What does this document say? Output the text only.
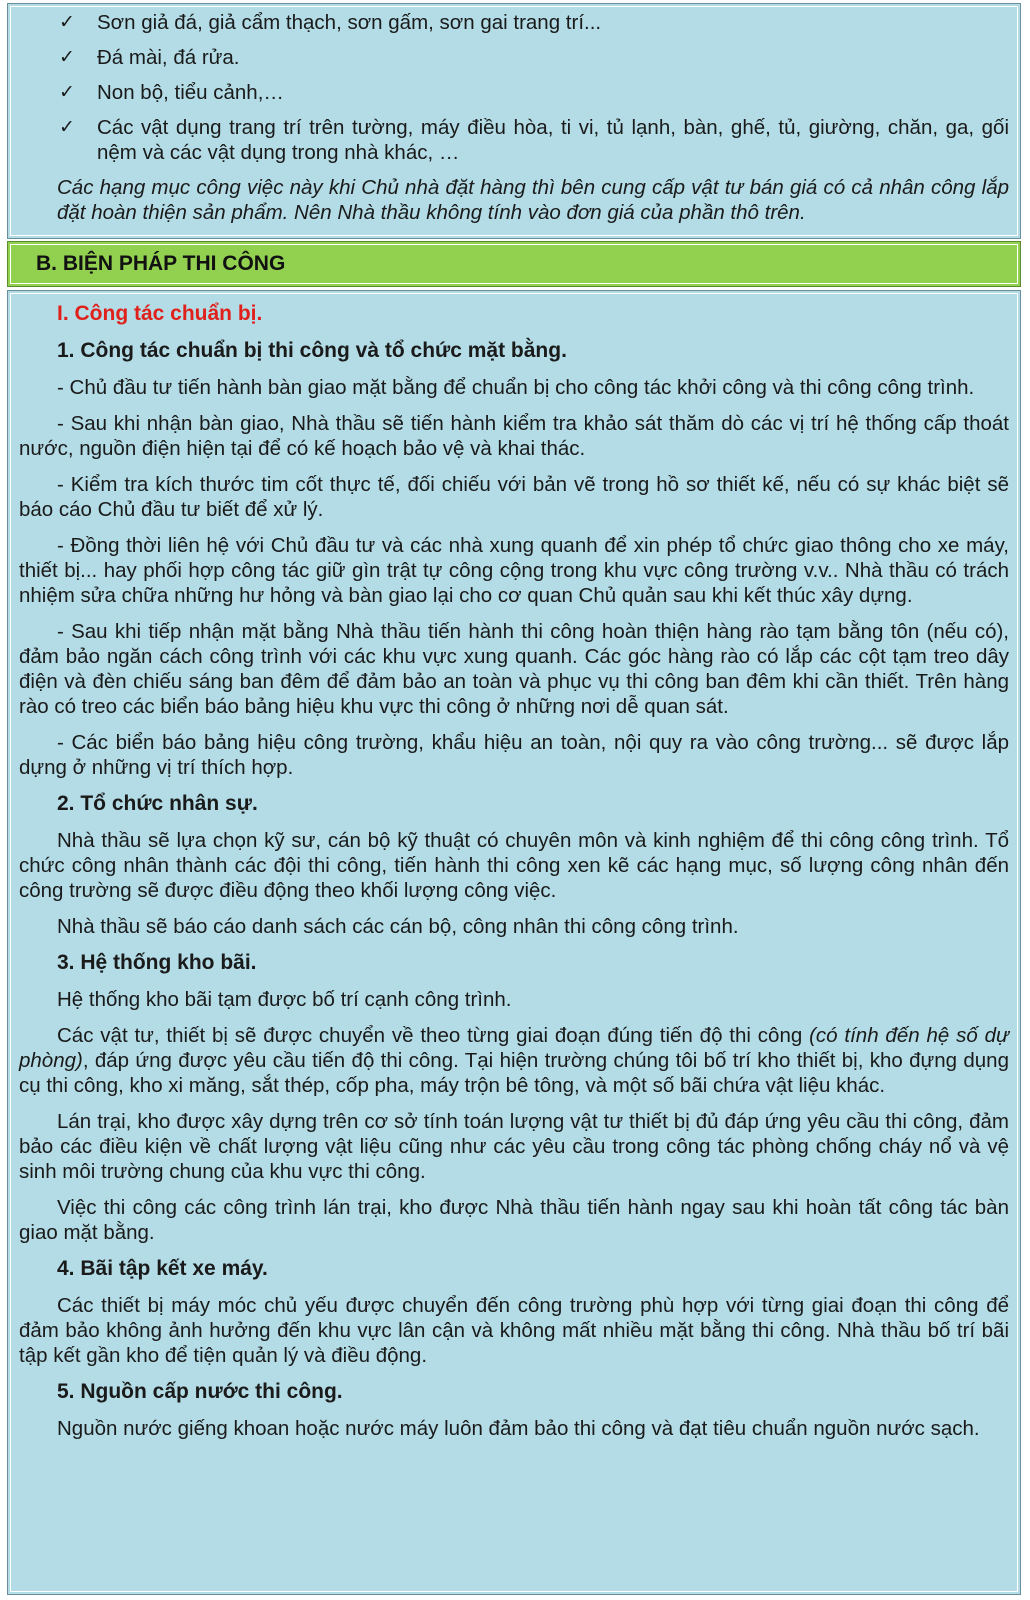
✓ Sơn giả đá, giả cẩm thạch, sơn gấm, sơn gai trang trí...
✓ Đá mài, đá rửa.
✓ Non bộ, tiểu cảnh,…
✓ Các vật dụng trang trí trên tường, máy điều hòa, ti vi, tủ lạnh, bàn, ghế, tủ, giường, chăn, ga, gối nệm và các vật dụng trong nhà khác, …
Các hạng mục công việc này khi Chủ nhà đặt hàng thì bên cung cấp vật tư bán giá có cả nhân công lắp đặt hoàn thiện sản phẩm. Nên Nhà thầu không tính vào đơn giá của phần thô trên.
B. BIỆN PHÁP THI CÔNG
I. Công tác chuẩn bị.
1. Công tác chuẩn bị thi công và tổ chức mặt bằng.
- Chủ đầu tư tiến hành bàn giao mặt bằng để chuẩn bị cho công tác khởi công và thi công công trình.
- Sau khi nhận bàn giao, Nhà thầu sẽ tiến hành kiểm tra khảo sát thăm dò các vị trí hệ thống cấp thoát nước, nguồn điện hiện tại để có kế hoạch bảo vệ và khai thác.
- Kiểm tra kích thước tim cốt thực tế, đối chiếu với bản vẽ trong hồ sơ thiết kế, nếu có sự khác biệt sẽ báo cáo Chủ đầu tư biết để xử lý.
- Đồng thời liên hệ với Chủ đầu tư và các nhà xung quanh để xin phép tổ chức giao thông cho xe máy, thiết bị... hay phối hợp công tác giữ gìn trật tự công cộng trong khu vực công trường v.v.. Nhà thầu có trách nhiệm sửa chữa những hư hỏng và bàn giao lại cho cơ quan Chủ quản sau khi kết thúc xây dựng.
- Sau khi tiếp nhận mặt bằng Nhà thầu tiến hành thi công hoàn thiện hàng rào tạm bằng tôn (nếu có), đảm bảo ngăn cách công trình với các khu vực xung quanh. Các góc hàng rào có lắp các cột tạm treo dây điện và đèn chiếu sáng ban đêm để đảm bảo an toàn và phục vụ thi công ban đêm khi cần thiết. Trên hàng rào có treo các biển báo bảng hiệu khu vực thi công ở những nơi dễ quan sát.
- Các biển báo bảng hiệu công trường, khẩu hiệu an toàn, nội quy ra vào công trường... sẽ được lắp dựng ở những vị trí thích hợp.
2. Tổ chức nhân sự.
Nhà thầu sẽ lựa chọn kỹ sư, cán bộ kỹ thuật có chuyên môn và kinh nghiệm để thi công công trình. Tổ chức công nhân thành các đội thi công, tiến hành thi công xen kẽ các hạng mục, số lượng công nhân đến công trường sẽ được điều động theo khối lượng công việc.
Nhà thầu sẽ báo cáo danh sách các cán bộ, công nhân thi công công trình.
3. Hệ thống kho bãi.
Hệ thống kho bãi tạm được bố trí cạnh công trình.
Các vật tư, thiết bị sẽ được chuyển về theo từng giai đoạn đúng tiến độ thi công (có tính đến hệ số dự phòng), đáp ứng được yêu cầu tiến độ thi công. Tại hiện trường chúng tôi bố trí kho thiết bị, kho đựng dụng cụ thi công, kho xi măng, sắt thép, cốp pha, máy trộn bê tông, và một số bãi chứa vật liệu khác.
Lán trại, kho được xây dựng trên cơ sở tính toán lượng vật tư thiết bị đủ đáp ứng yêu cầu thi công, đảm bảo các điều kiện về chất lượng vật liệu cũng như các yêu cầu trong công tác phòng chống cháy nổ và vệ sinh môi trường chung của khu vực thi công.
Việc thi công các công trình lán trại, kho được Nhà thầu tiến hành ngay sau khi hoàn tất công tác bàn giao mặt bằng.
4. Bãi tập kết xe máy.
Các thiết bị máy móc chủ yếu được chuyển đến công trường phù hợp với từng giai đoạn thi công để đảm bảo không ảnh hưởng đến khu vực lân cận và không mất nhiều mặt bằng thi công. Nhà thầu bố trí bãi tập kết gần kho để tiện quản lý và điều động.
5. Nguồn cấp nước thi công.
Nguồn nước giếng khoan hoặc nước máy luôn đảm bảo thi công và đạt tiêu chuẩn nguồn nước sạch.
